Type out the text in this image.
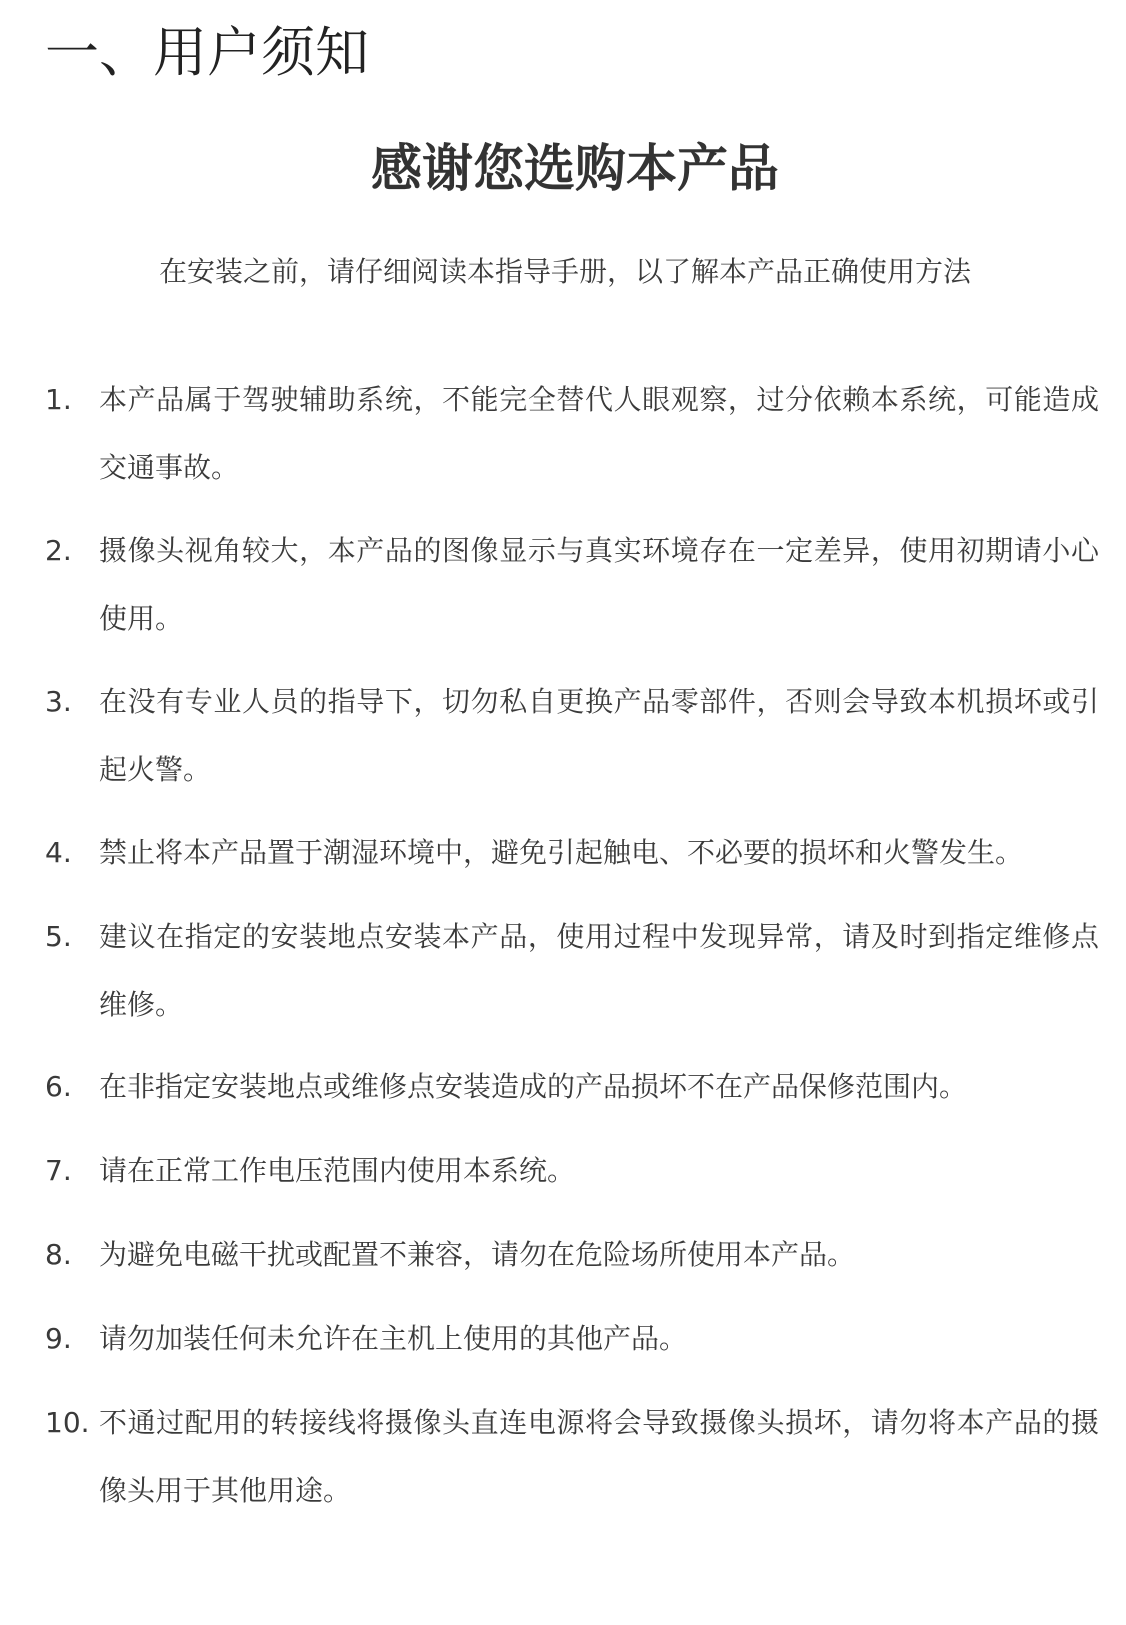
一、用户须知
感谢您选购本产品

在安装之前，请仔细阅读本指导手册，以了解本产品正确使用方法

1. 本产品属于驾驶辅助系统，不能完全替代人眼观察，过分依赖本系统，可能造成交通事故。
2. 摄像头视角较大，本产品的图像显示与真实环境存在一定差异，使用初期请小心使用。
3. 在没有专业人员的指导下，切勿私自更换产品零部件，否则会导致本机损坏或引起火警。
4. 禁止将本产品置于潮湿环境中，避免引起触电、不必要的损坏和火警发生。
5. 建议在指定的安装地点安装本产品，使用过程中发现异常，请及时到指定维修点维修。
6. 在非指定安装地点或维修点安装造成的产品损坏不在产品保修范围内。
7. 请在正常工作电压范围内使用本系统。
8. 为避免电磁干扰或配置不兼容，请勿在危险场所使用本产品。
9. 请勿加装任何未允许在主机上使用的其他产品。
10. 不通过配用的转接线将摄像头直连电源将会导致摄像头损坏，请勿将本产品的摄像头用于其他用途。
